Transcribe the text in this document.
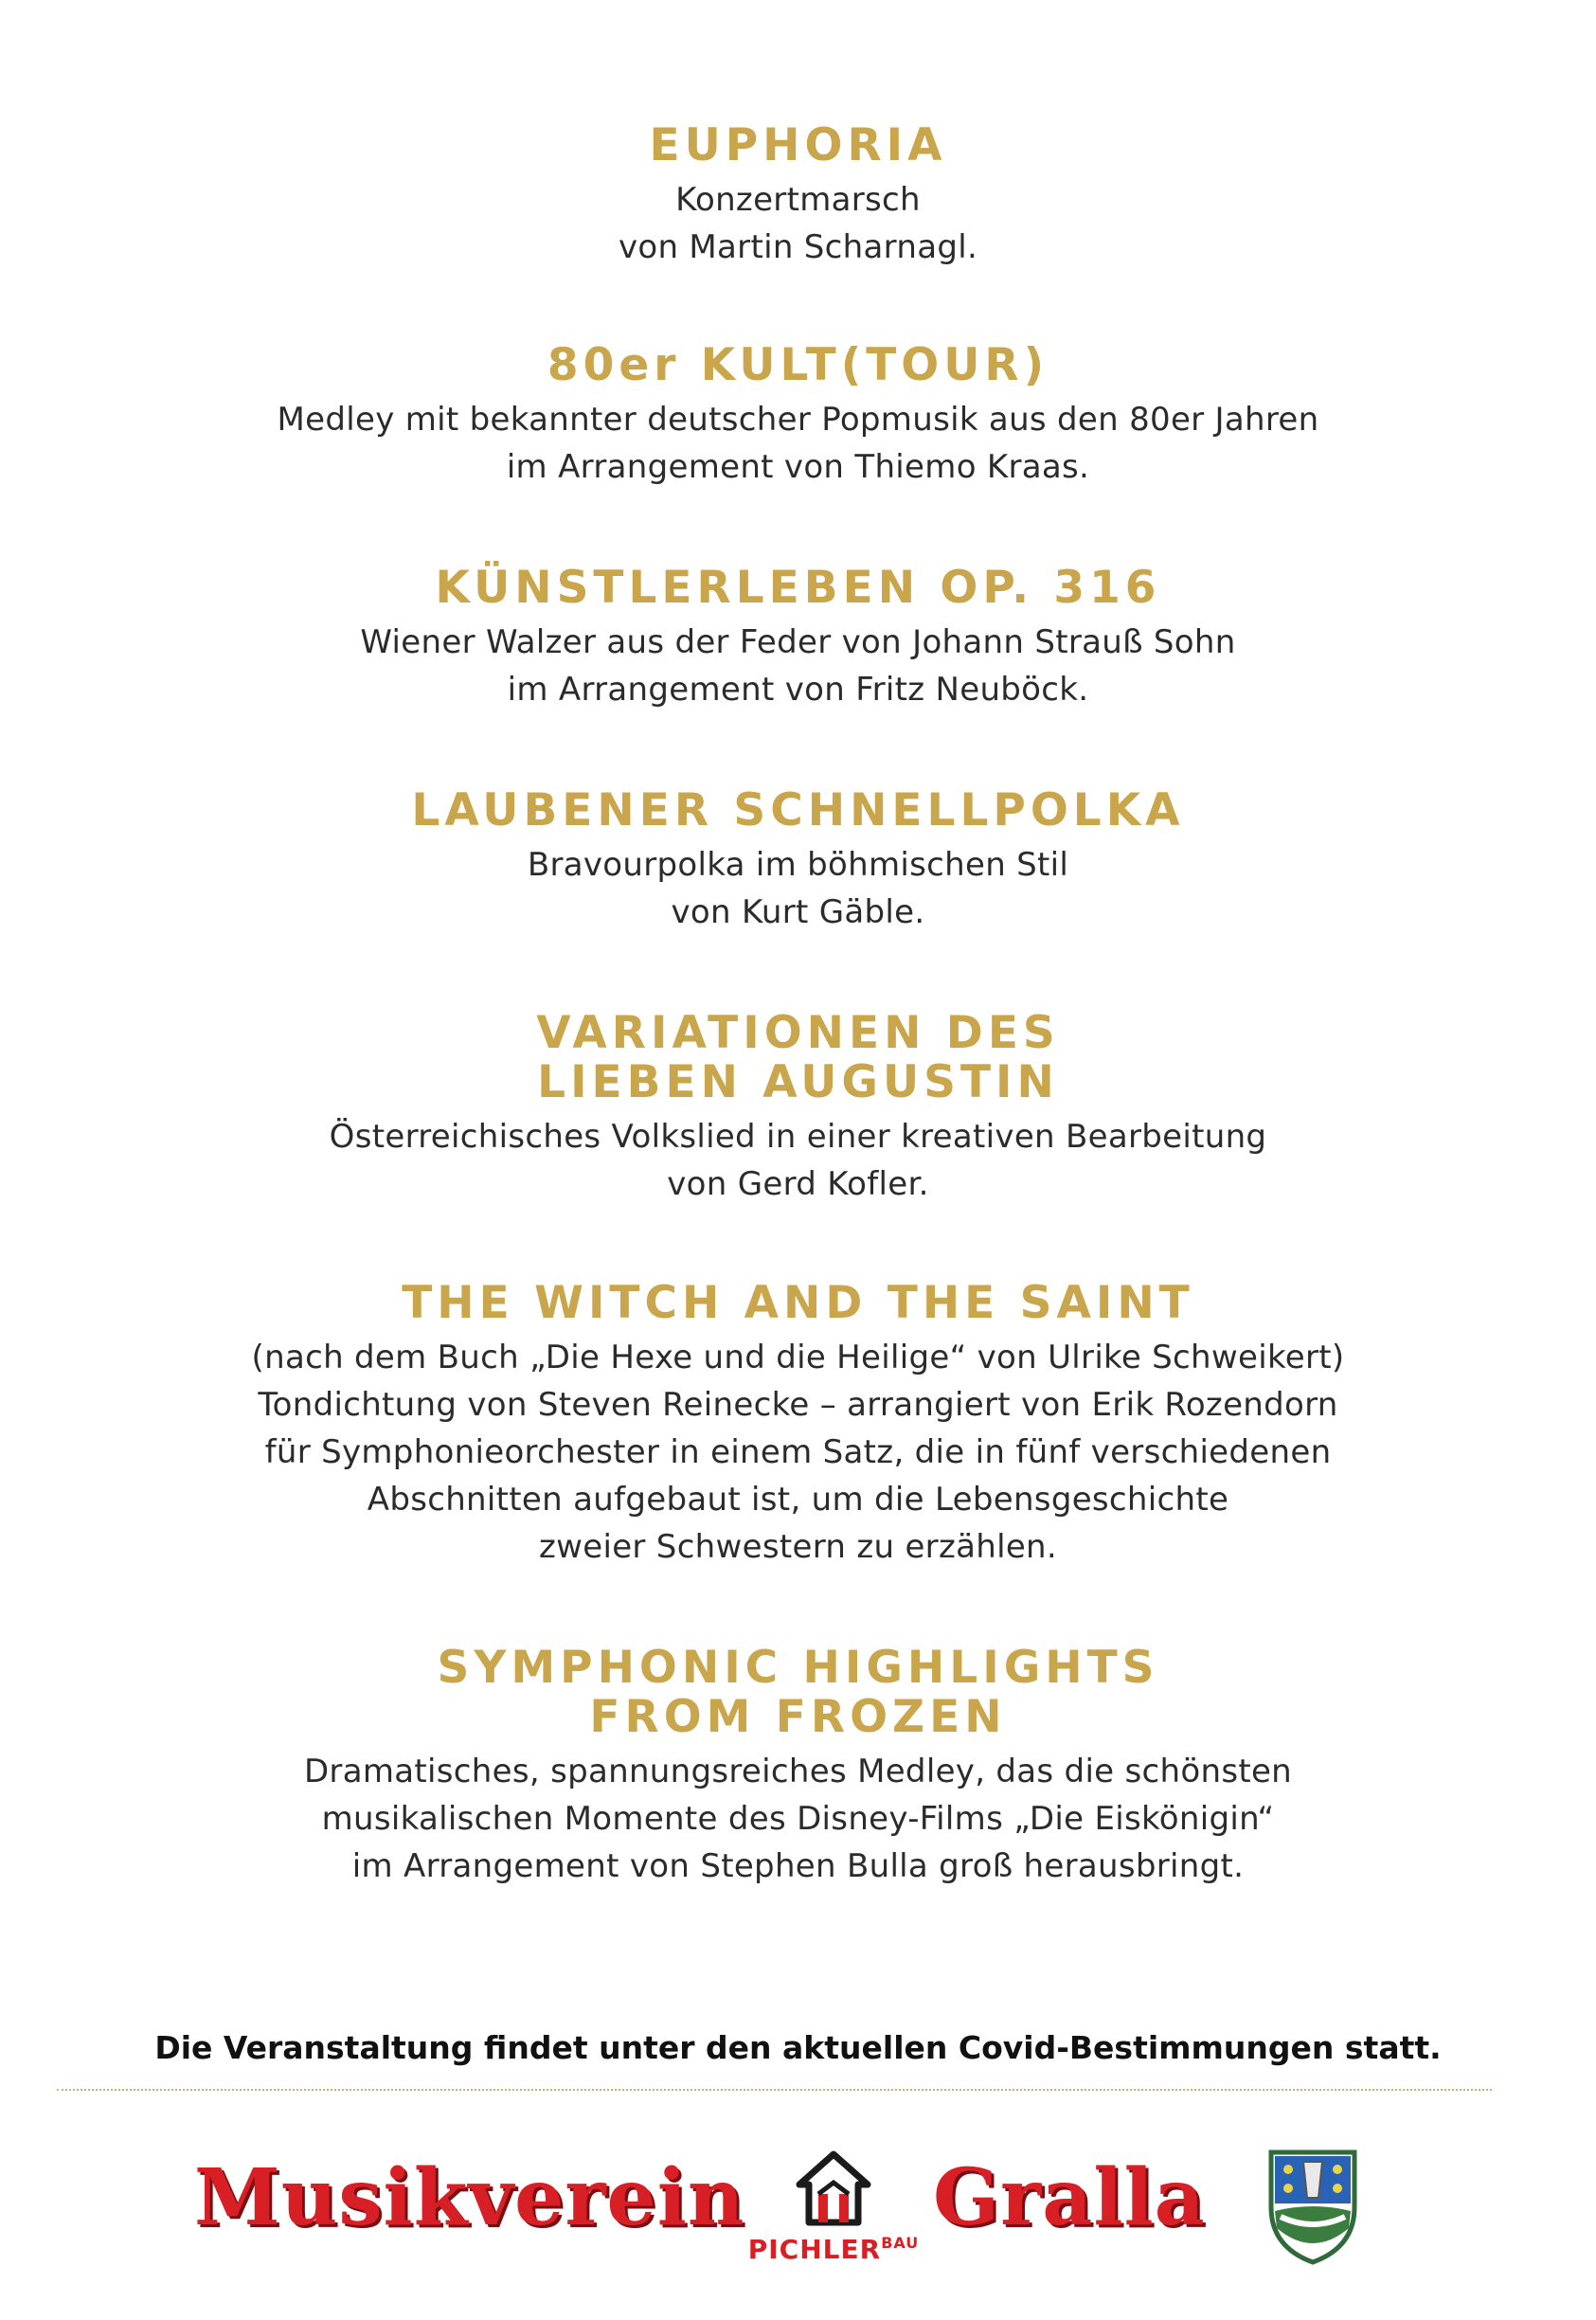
EUPHORIA

Konzertmarsch
von Martin Scharnagl.

80er KULT(TOUR)

Medley mit bekannter deutscher Popmusik aus den 80er Jahren
im Arrangement von Thiemo Kraas.

KÜNSTLERLEBEN OP. 316

Wiener Walzer aus der Feder von Johann Strauß Sohn
im Arrangement von Fritz Neuböck.

LAUBENER SCHNELLPOLKA

Bravourpolka im böhmischen Stil
von Kurt Gäble.

VARIATIONEN DES
LIEBEN AUGUSTIN

Österreichisches Volkslied in einer kreativen Bearbeitung
von Gerd Kofler.

THE WITCH AND THE SAINT

(nach dem Buch „Die Hexe und die Heilige“ von Ulrike Schweikert)
Tondichtung von Steven Reinecke – arrangiert von Erik Rozendorn
für Symphonieorchester in einem Satz, die in fünf verschiedenen
Abschnitten aufgebaut ist, um die Lebensgeschichte
zweier Schwestern zu erzählen.

SYMPHONIC HIGHLIGHTS
FROM FROZEN

Dramatisches, spannungsreiches Medley, das die schönsten
musikalischen Momente des Disney-Films „Die Eiskönigin“
im Arrangement von Stephen Bulla groß herausbringt.

Die Veranstaltung findet unter den aktuellen Covid-Bestimmungen statt.
Musikverein
$PICHLER^{BAU}$ Gralla
